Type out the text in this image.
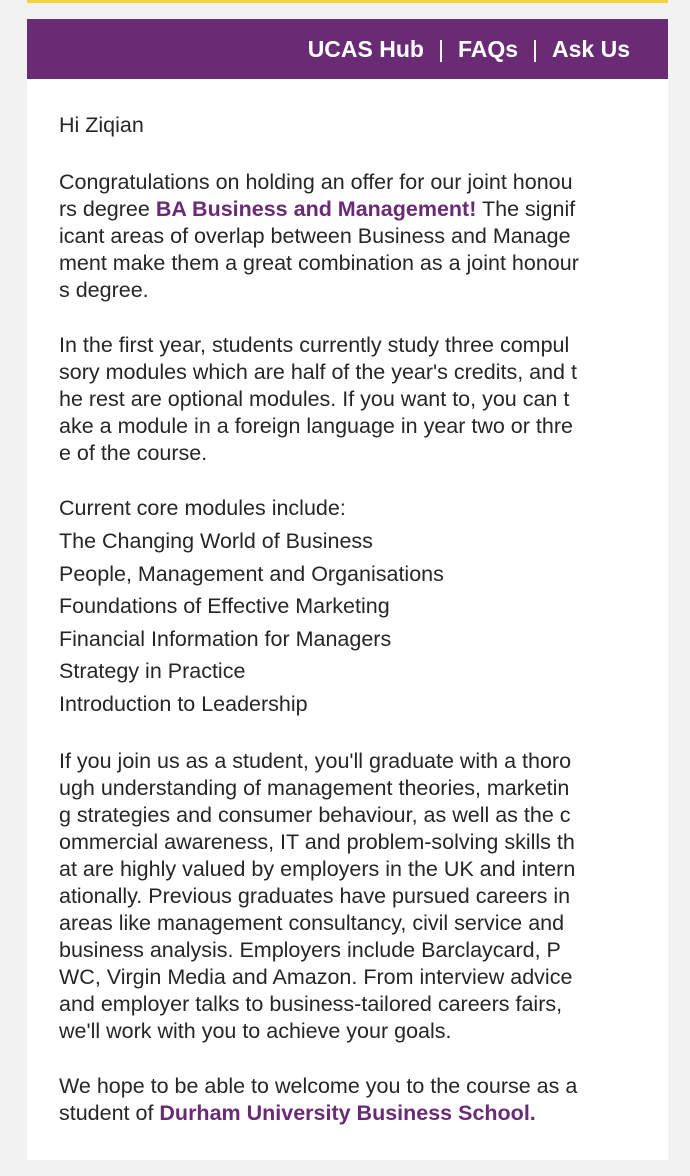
UCAS Hub | FAQs | Ask Us

Hi Ziqian

Congratulations on holding an offer for our joint honou
rs degree BA Business and Management! The signif
icant areas of overlap between Business and Manage
ment make them a great combination as a joint honour
s degree.

In the first year, students currently study three compul
sory modules which are half of the year's credits, and t
he rest are optional modules. If you want to, you can t
ake a module in a foreign language in year two or thre
e of the course.

Current core modules include:

The Changing World of Business
People, Management and Organisations
Foundations of Effective Marketing
Financial Information for Managers
Strategy in Practice
Introduction to Leadership

If you join us as a student, you'll graduate with a thoro
ugh understanding of management theories, marketin
g strategies and consumer behaviour, as well as the c
ommercial awareness, IT and problem-solving skills th
at are highly valued by employers in the UK and intern
ationally. Previous graduates have pursued careers in
areas like management consultancy, civil service and
business analysis. Employers include Barclaycard, P
WC, Virgin Media and Amazon. From interview advice
and employer talks to business-tailored careers fairs,
we'll work with you to achieve your goals.

We hope to be able to welcome you to the course as a
student of Durham University Business School.
